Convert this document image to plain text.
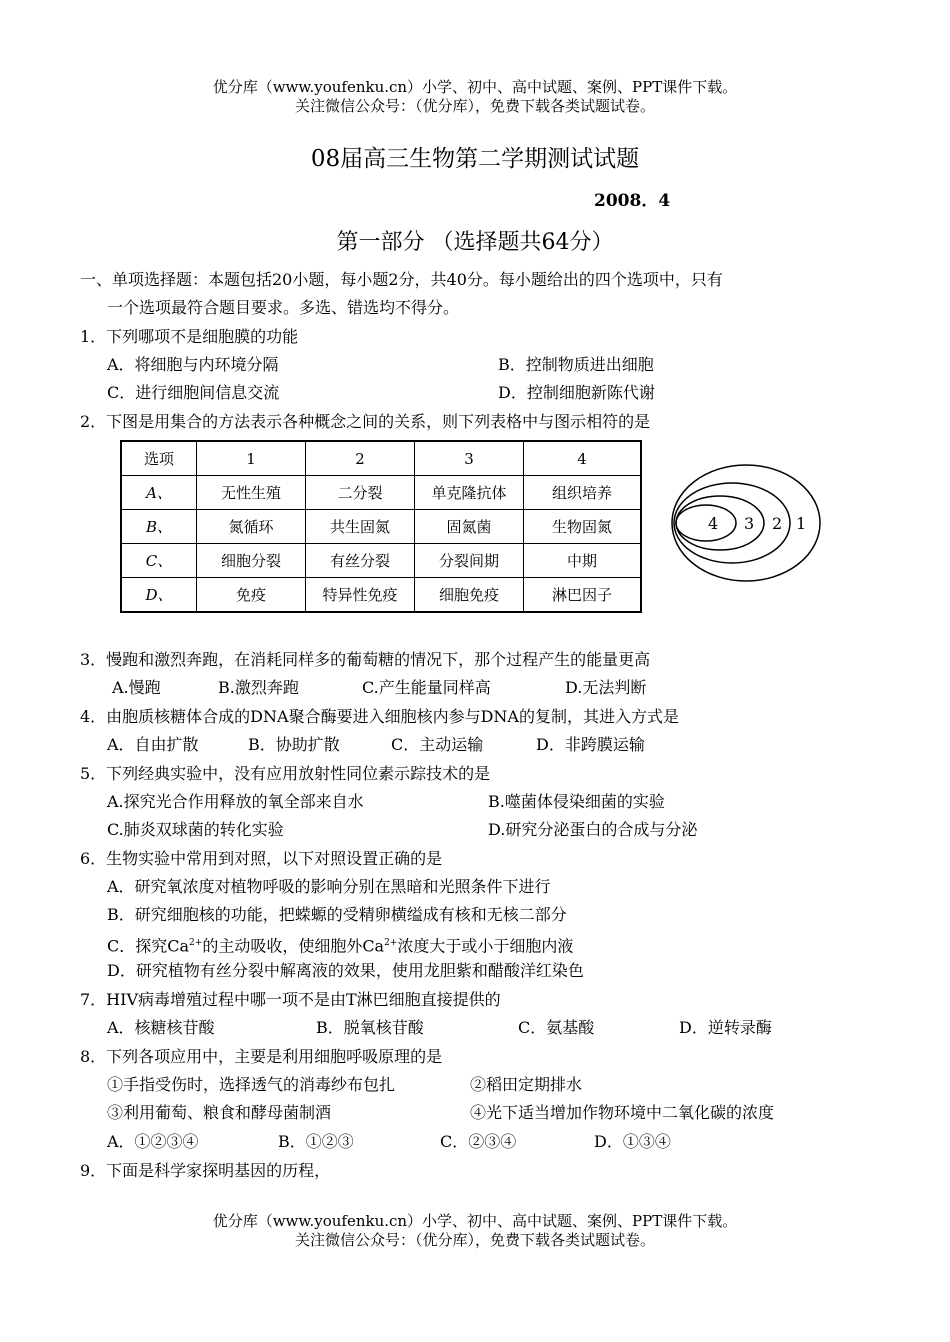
优分库（www.youfenku.cn）小学、初中、高中试题、案例、PPT课件下载。
关注微信公众号：（优分库），免费下载各类试题试卷。
08届高三生物第二学期测试试题
2008．4
第一部分 （选择题共64分）
一、单项选择题：本题包括20小题，每小题2分，共40分。每小题给出的四个选项中，只有
一个选项最符合题目要求。多选、错选均不得分。
1．下列哪项不是细胞膜的功能
A．将细胞与内环境分隔	B．控制物质进出细胞
C．进行细胞间信息交流	D．控制细胞新陈代谢
2．下图是用集合的方法表示各种概念之间的关系，则下列表格中与图示相符的是
选项	1	2	3	4
A、	无性生殖	二分裂	单克隆抗体	组织培养
B、	氮循环	共生固氮	固氮菌	生物固氮
C、	细胞分裂	有丝分裂	分裂间期	中期
D、	免疫	特异性免疫	细胞免疫	淋巴因子
4 3 2 1
3．慢跑和激烈奔跑，在消耗同样多的葡萄糖的情况下，那个过程产生的能量更高
A.慢跑	B.激烈奔跑	C.产生能量同样高	D.无法判断
4．由胞质核糖体合成的DNA聚合酶要进入细胞核内参与DNA的复制，其进入方式是
A．自由扩散	B．协助扩散	C．主动运输	D．非跨膜运输
5．下列经典实验中，没有应用放射性同位素示踪技术的是
A.探究光合作用释放的氧全部来自水	B.噬菌体侵染细菌的实验
C.肺炎双球菌的转化实验	D.研究分泌蛋白的合成与分泌
6．生物实验中常用到对照，以下对照设置正确的是
A．研究氧浓度对植物呼吸的影响分别在黑暗和光照条件下进行
B．研究细胞核的功能，把蝾螈的受精卵横缢成有核和无核二部分
C．探究$Ca^{2+}$的主动吸收，使细胞外$Ca^{2+}$浓度大于或小于细胞内液
D．研究植物有丝分裂中解离液的效果，使用龙胆紫和醋酸洋红染色
7．HIV病毒增殖过程中哪一项不是由T淋巴细胞直接提供的
A．核糖核苷酸	B．脱氧核苷酸	C．氨基酸	D．逆转录酶
8．下列各项应用中，主要是利用细胞呼吸原理的是
①手指受伤时，选择透气的消毒纱布包扎	②稻田定期排水
③利用葡萄、粮食和酵母菌制酒	④光下适当增加作物环境中二氧化碳的浓度
A．①②③④	B．①②③	C．②③④	D．①③④
9．下面是科学家探明基因的历程，
优分库（www.youfenku.cn）小学、初中、高中试题、案例、PPT课件下载。
关注微信公众号：（优分库），免费下载各类试题试卷。
